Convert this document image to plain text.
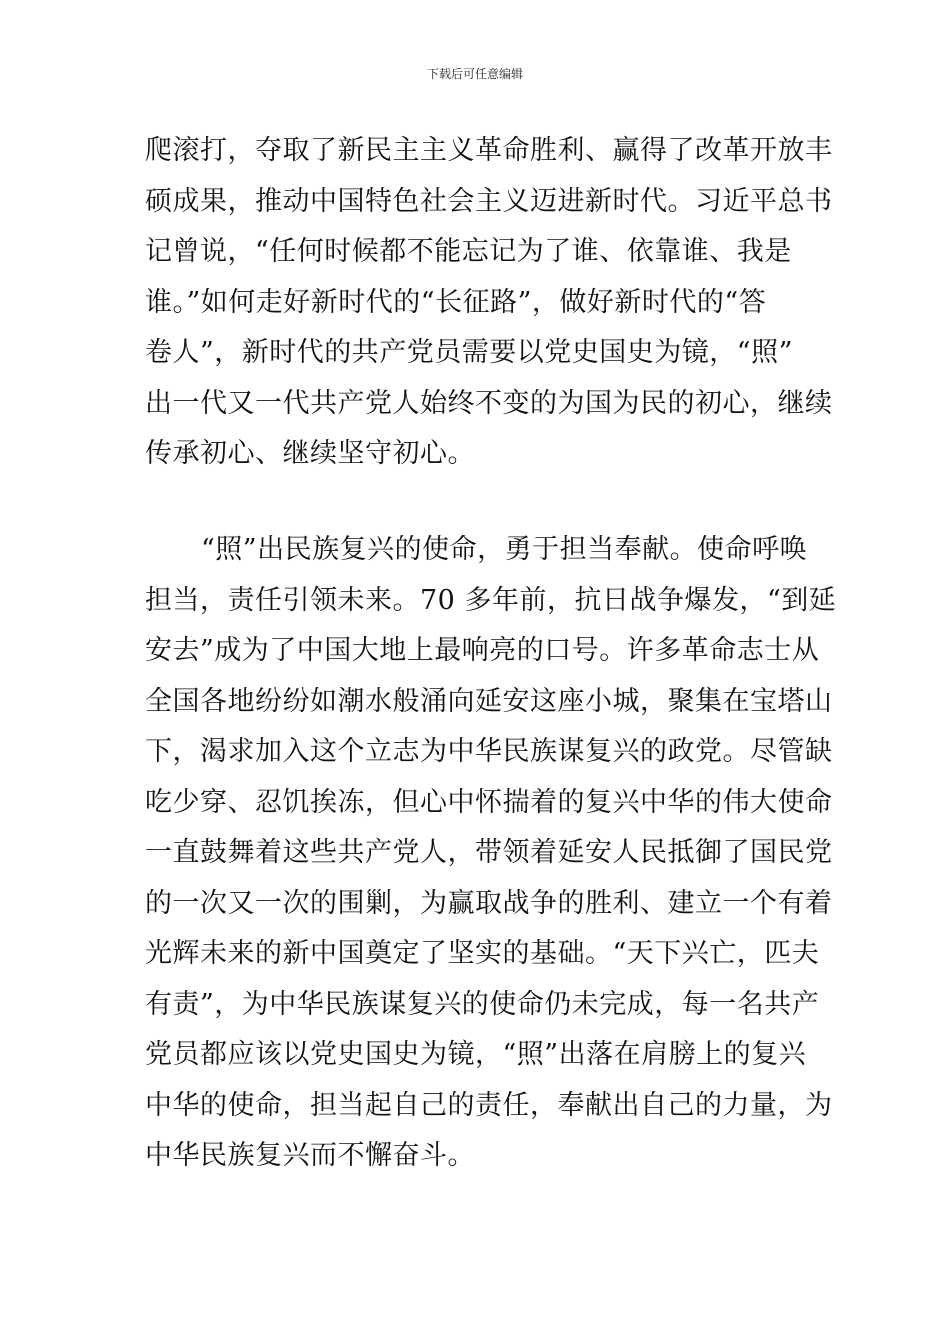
下载后可任意编辑
爬滚打，夺取了新民主主义革命胜利、赢得了改革开放丰
硕成果，推动中国特色社会主义迈进新时代。习近平总书
记曾说，“任何时候都不能忘记为了谁、依靠谁、我是
谁。”如何走好新时代的“长征路”，做好新时代的“答
卷人”，新时代的共产党员需要以党史国史为镜，“照”
出一代又一代共产党人始终不变的为国为民的初心，继续
传承初心、继续坚守初心。
“照”出民族复兴的使命，勇于担当奉献。使命呼唤
担当，责任引领未来。70 多年前，抗日战争爆发，“到延
安去”成为了中国大地上最响亮的口号。许多革命志士从
全国各地纷纷如潮水般涌向延安这座小城，聚集在宝塔山
下，渴求加入这个立志为中华民族谋复兴的政党。尽管缺
吃少穿、忍饥挨冻，但心中怀揣着的复兴中华的伟大使命
一直鼓舞着这些共产党人，带领着延安人民抵御了国民党
的一次又一次的围剿，为赢取战争的胜利、建立一个有着
光辉未来的新中国奠定了坚实的基础。“天下兴亡，匹夫
有责”，为中华民族谋复兴的使命仍未完成，每一名共产
党员都应该以党史国史为镜，“照”出落在肩膀上的复兴
中华的使命，担当起自己的责任，奉献出自己的力量，为
中华民族复兴而不懈奋斗。
